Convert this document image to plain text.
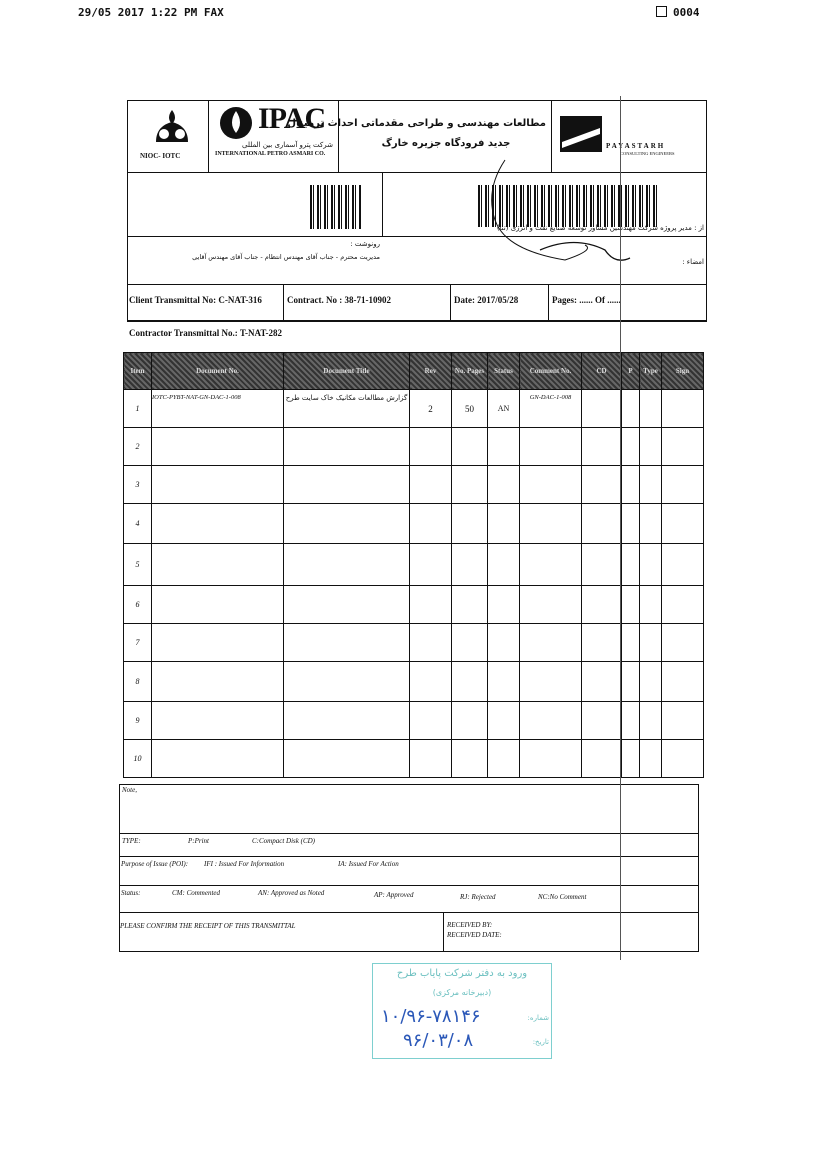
29/05 2017 1:22 PM FAX	0004
NIOC- IOTC
IPAC
شرکت پترو آسماری بین المللی
INTERNATIONAL PETRO ASMARI CO.
مطالعات مهندسی و طراحی مقدماتی احداث ترمینال
جدید فرودگاه جزیره خارگ	PAYASTARH
CONSULTING ENGINEERS
از : مدیر پروژه شرکت مهندسین مشاور توسعه صنایع نفت و انرژی (تنا)
رونوشت :
مدیریت محترم - جناب آقای مهندس انتظام - جناب آقای مهندس آقایی
امضاء :
Client Transmittal No: C-NAT-316	Contract. No : 38-71-10902	Date: 2017/05/28	Pages: ...... Of ......
Contractor Transmittal No.: T-NAT-282
Item	Document No.	Document Title	Rev	No. Pages	Status	Comment No.	CD	P	Type	Sign
1	IOTC-PYBT-NAT-GN-DAC-1-008	گزارش مطالعات مکانیک خاک سایت طرح	2	50	AN	GN-DAC-1-008				
2										
3										
4										
5										
6										
7										
8										
9										
10										
Note,
TYPE:	P:Print	C:Compact Disk (CD)
Purpose of Issue (POI): IFI : Issued For Information	IA: Issued For Action
Status:	CM: Commented	AN: Approved as Noted	AP: Approved	RJ: Rejected	NC:No Comment
PLEASE CONFIRM THE RECEIPT OF THIS TRANSMITTAL	RECEIVED BY:
RECEIVED DATE:
ورود به دفتر شرکت پایاب طرح
(دبیرخانه مرکزی)
شماره:
۱۰/۹۶-۷۸۱۴۶
تاریخ:
۹۶/۰۳/۰۸
